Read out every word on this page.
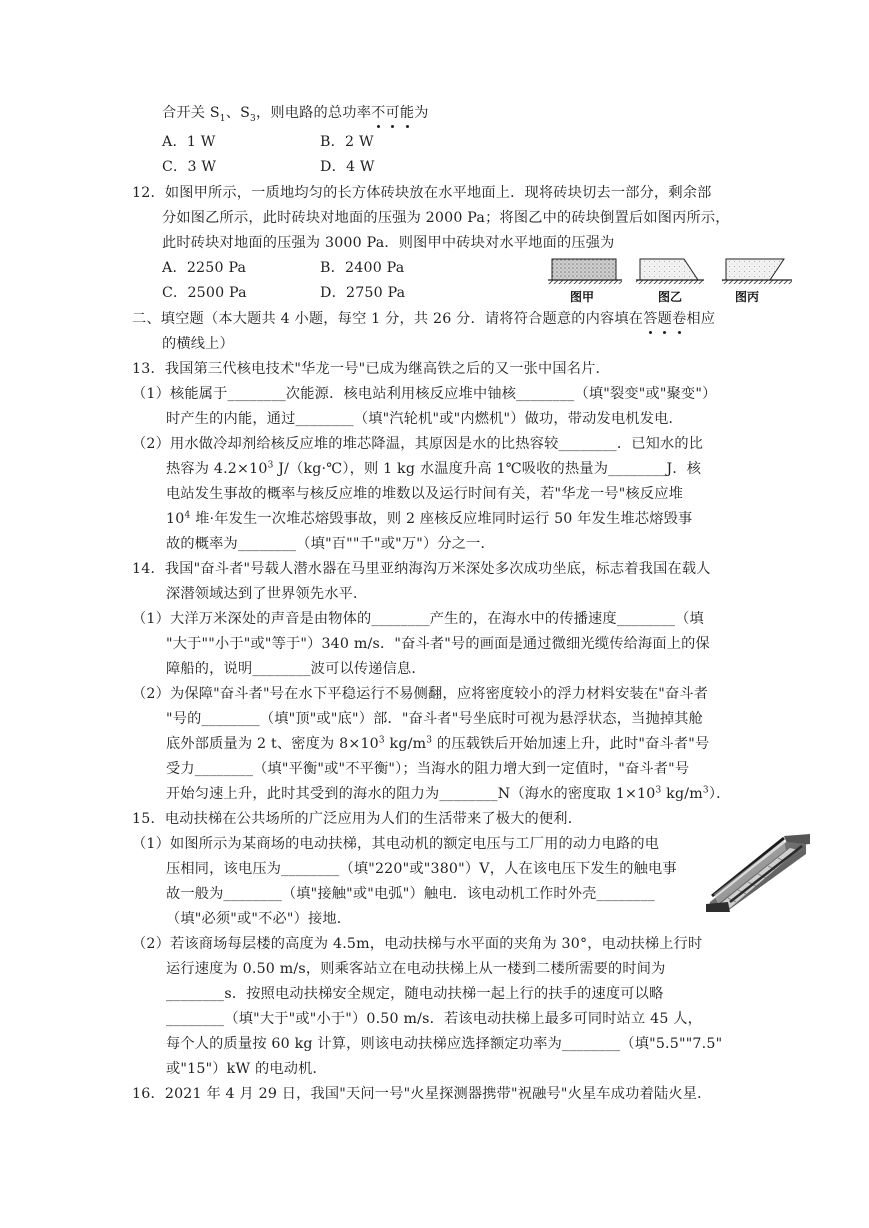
合开关 $S_1$、$S_3$，则电路的总功率不可能为
A．1 W	B．2 W
C．3 W	D．4 W
12．如图甲所示，一质地均匀的长方体砖块放在水平地面上．现将砖块切去一部分，剩余部
分如图乙所示，此时砖块对地面的压强为 2000 Pa；将图乙中的砖块倒置后如图丙所示，
此时砖块对地面的压强为 3000 Pa．则图甲中砖块对水平地面的压强为
A．2250 Pa	B．2400 Pa
C．2500 Pa	D．2750 Pa	图甲	图乙	图丙
二、填空题（本大题共 4 小题，每空 1 分，共 26 分．请将符合题意的内容填在答题卷相应
的横线上）
13．我国第三代核电技术"华龙一号"已成为继高铁之后的又一张中国名片．
（1）核能属于________次能源．核电站利用核反应堆中铀核________（填"裂变"或"聚变"）
时产生的内能，通过________（填"汽轮机"或"内燃机"）做功，带动发电机发电．
（2）用水做冷却剂给核反应堆的堆芯降温，其原因是水的比热容较________．已知水的比
热容为 $4.2\times 10^3$ J/（kg·℃），则 1 kg 水温度升高 1℃吸收的热量为________J．核
电站发生事故的概率与核反应堆的堆数以及运行时间有关，若"华龙一号"核反应堆
$10^4$ 堆·年发生一次堆芯熔毁事故，则 2 座核反应堆同时运行 50 年发生堆芯熔毁事
故的概率为________（填"百""千"或"万"）分之一．
14．我国"奋斗者"号载人潜水器在马里亚纳海沟万米深处多次成功坐底，标志着我国在载人
深潜领域达到了世界领先水平．
（1）大洋万米深处的声音是由物体的________产生的，在海水中的传播速度________（填
"大于""小于"或"等于"）340 m/s．"奋斗者"号的画面是通过微细光缆传给海面上的保
障船的，说明________波可以传递信息．
（2）为保障"奋斗者"号在水下平稳运行不易侧翻，应将密度较小的浮力材料安装在"奋斗者
"号的________（填"顶"或"底"）部．"奋斗者"号坐底时可视为悬浮状态，当抛掉其舱
底外部质量为 2 t、密度为 $8\times 10^3$ $kg/m^3$ 的压载铁后开始加速上升，此时"奋斗者"号
受力________（填"平衡"或"不平衡"）；当海水的阻力增大到一定值时，"奋斗者"号
开始匀速上升，此时其受到的海水的阻力为________N（海水的密度取 $1\times 10^3$ $kg/m^3$）．
15．电动扶梯在公共场所的广泛应用为人们的生活带来了极大的便利．
（1）如图所示为某商场的电动扶梯，其电动机的额定电压与工厂用的动力电路的电
压相同，该电压为________（填"220"或"380"）V，人在该电压下发生的触电事
故一般为________（填"接触"或"电弧"）触电．该电动机工作时外壳________
（填"必须"或"不必"）接地．
（2）若该商场每层楼的高度为 4.5m，电动扶梯与水平面的夹角为 30°，电动扶梯上行时
运行速度为 0.50 m/s，则乘客站立在电动扶梯上从一楼到二楼所需要的时间为
________s．按照电动扶梯安全规定，随电动扶梯一起上行的扶手的速度可以略
________（填"大于"或"小于"）0.50 m/s．若该电动扶梯上最多可同时站立 45 人，
每个人的质量按 60 kg 计算，则该电动扶梯应选择额定功率为________（填"5.5""7.5"
或"15"）kW 的电动机．
16．2021 年 4 月 29 日，我国"天问一号"火星探测器携带"祝融号"火星车成功着陆火星．
